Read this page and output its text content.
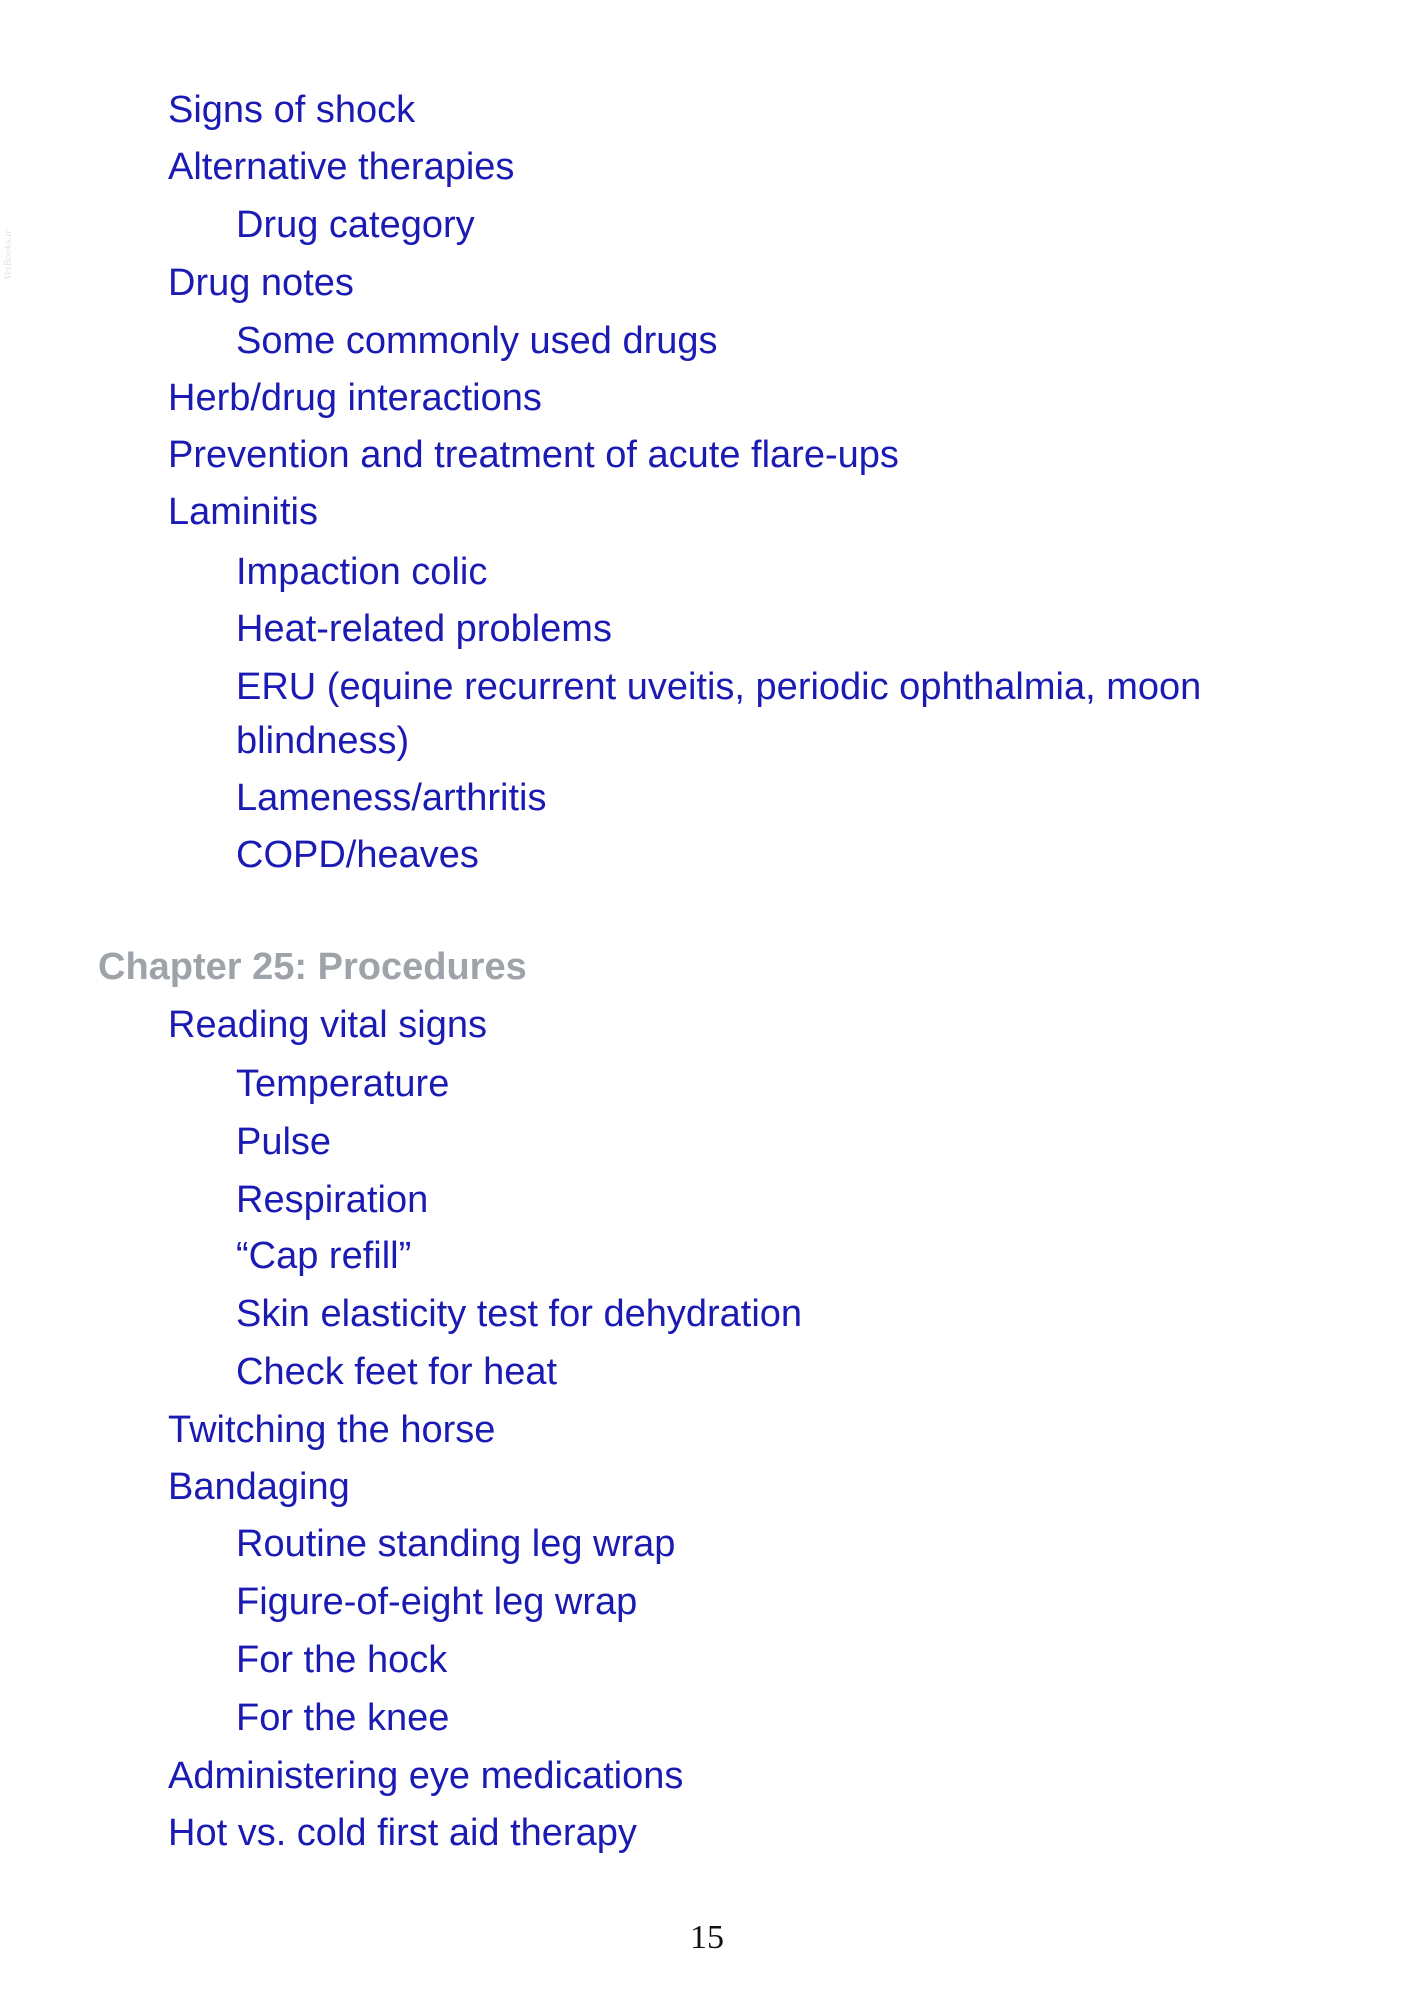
VetBooks.ir
Signs of shock
Alternative therapies
Drug category
Drug notes
Some commonly used drugs
Herb/drug interactions
Prevention and treatment of acute flare-ups
Laminitis
Impaction colic
Heat-related problems
ERU (equine recurrent uveitis, periodic ophthalmia, moon
blindness)
Lameness/arthritis
COPD/heaves
Chapter 25: Procedures
Reading vital signs
Temperature
Pulse
Respiration
“Cap refill”
Skin elasticity test for dehydration
Check feet for heat
Twitching the horse
Bandaging
Routine standing leg wrap
Figure-of-eight leg wrap
For the hock
For the knee
Administering eye medications
Hot vs. cold first aid therapy
15
